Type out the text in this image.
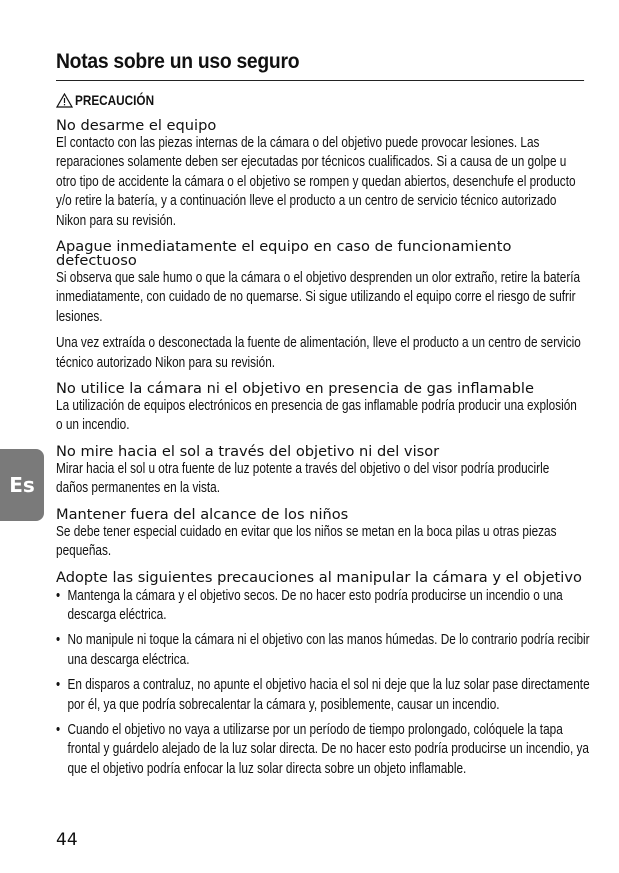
Notas sobre un uso seguro
PRECAUCIÓN
No desarme el equipo

El contacto con las piezas internas de la cámara o del objetivo puede provocar lesiones. Las reparaciones solamente deben ser ejecutadas por técnicos cualificados. Si a causa de un golpe u otro tipo de accidente la cámara o el objetivo se rompen y quedan abiertos, desenchufe el producto y/o retire la batería, y a continuación lleve el producto a un centro de servicio técnico autorizado Nikon para su revisión.

Apague inmediatamente el equipo en caso de funcionamiento defectuoso

Si observa que sale humo o que la cámara o el objetivo desprenden un olor extraño, retire la batería inmediatamente, con cuidado de no quemarse. Si sigue utilizando el equipo corre el riesgo de sufrir lesiones.

Una vez extraída o desconectada la fuente de alimentación, lleve el producto a un centro de servicio técnico autorizado Nikon para su revisión.

No utilice la cámara ni el objetivo en presencia de gas inflamable

La utilización de equipos electrónicos en presencia de gas inflamable podría producir una explosión o un incendio.

No mire hacia el sol a través del objetivo ni del visor

Mirar hacia el sol u otra fuente de luz potente a través del objetivo o del visor podría producirle daños permanentes en la vista.

Mantener fuera del alcance de los niños

Se debe tener especial cuidado en evitar que los niños se metan en la boca pilas u otras piezas pequeñas.

Adopte las siguientes precauciones al manipular la cámara y el objetivo
• Mantenga la cámara y el objetivo secos. De no hacer esto podría producirse un incendio o una descarga eléctrica.
• No manipule ni toque la cámara ni el objetivo con las manos húmedas. De lo contrario podría recibir una descarga eléctrica.
• En disparos a contraluz, no apunte el objetivo hacia el sol ni deje que la luz solar pase directamente por él, ya que podría sobrecalentar la cámara y, posiblemente, causar un incendio.
• Cuando el objetivo no vaya a utilizarse por un período de tiempo prolongado, colóquele la tapa frontal y guárdelo alejado de la luz solar directa. De no hacer esto podría producirse un incendio, ya que el objetivo podría enfocar la luz solar directa sobre un objeto inflamable.
Es
44
